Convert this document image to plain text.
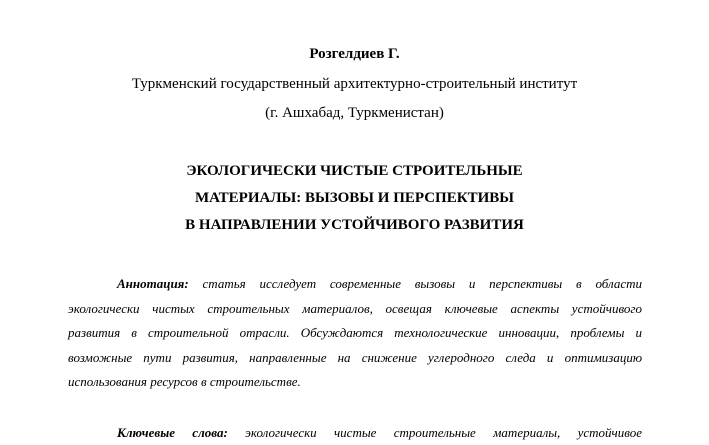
Розгелдиев Г.
Туркменский государственный архитектурно-строительный институт
(г. Ашхабад, Туркменистан)
ЭКОЛОГИЧЕСКИ ЧИСТЫЕ СТРОИТЕЛЬНЫЕ
МАТЕРИАЛЫ: ВЫЗОВЫ И ПЕРСПЕКТИВЫ
В НАПРАВЛЕНИИ УСТОЙЧИВОГО РАЗВИТИЯ
Аннотация: статья исследует современные вызовы и перспективы в области
экологически чистых строительных материалов, освещая ключевые аспекты устойчивого
развития в строительной отрасли. Обсуждаются технологические инновации, проблемы и
возможные пути развития, направленные на снижение углеродного следа и оптимизацию
использования ресурсов в строительстве.
Ключевые слова: экологически чистые строительные материалы, устойчивое
